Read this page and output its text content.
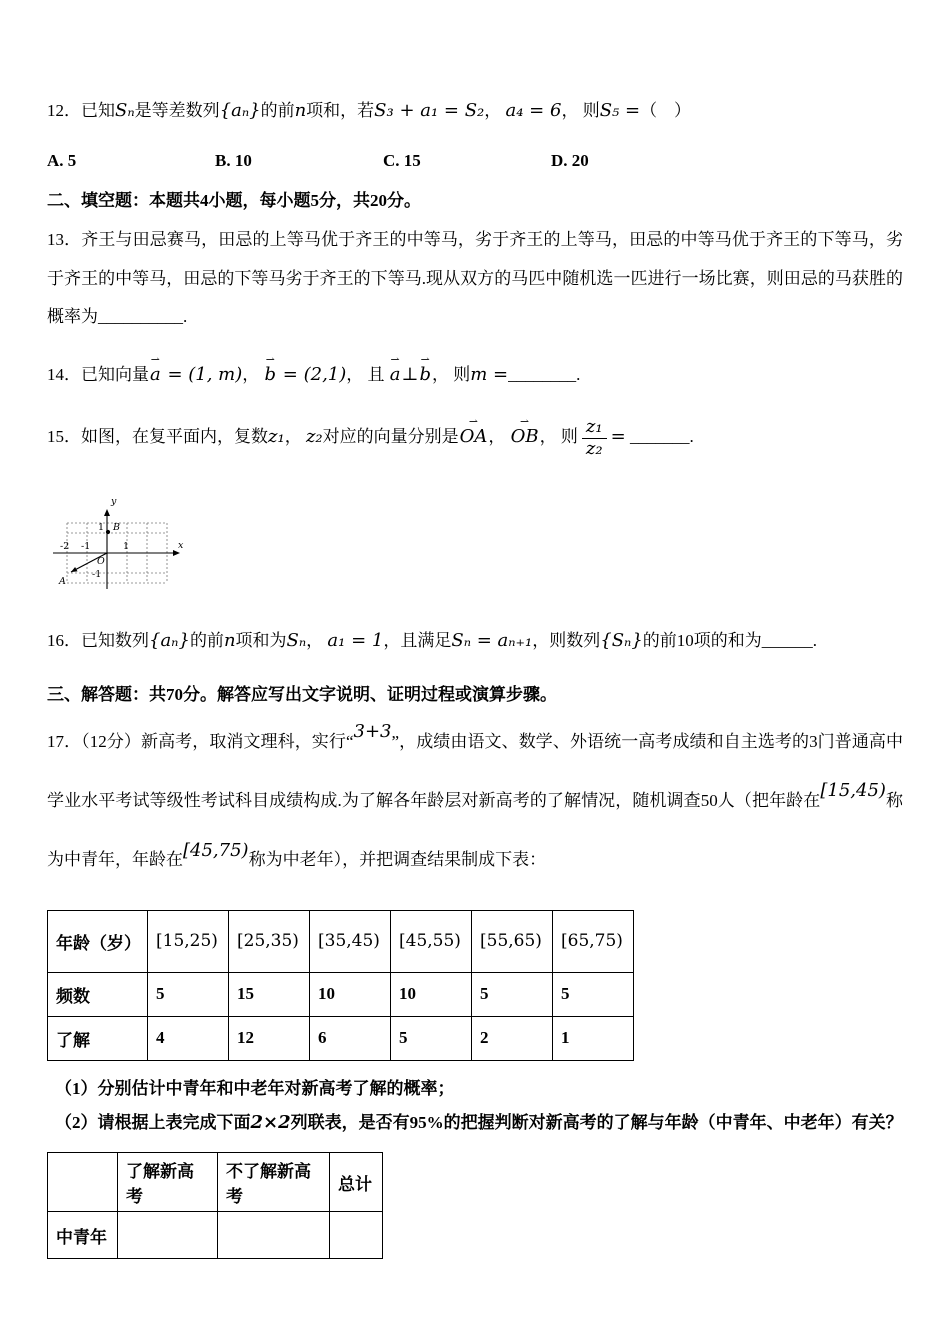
12．已知Sₙ是等差数列{aₙ}的前n项和，若S₃ + a₁ = S₂， a₄ = 6， 则S₅ =（　）

A. 5	B. 10	C. 15	D. 20

二、填空题：本题共4小题，每小题5分，共20分。

13．齐王与田忌赛马，田忌的上等马优于齐王的中等马，劣于齐王的上等马，田忌的中等马优于齐王的下等马，劣于齐王的中等马，田忌的下等马劣于齐王的下等马.现从双方的马匹中随机选一匹进行一场比赛，则田忌的马获胜的概率为__________.

14．已知向量a ⇀ = (1, m)， b ⇀ = (2,1)， 且 a ⇀⊥b ⇀， 则m =________.

15．如图，在复平面内，复数z₁， z₂对应的向量分别是OA ⇀， OB ⇀， 则 $\frac{\text{z₁}}{\text{z₂}}$ = _______.

y
x
O
-2 -1	1
1
-1
A
B

16．已知数列{aₙ}的前n项和为Sₙ， a₁ = 1，且满足Sₙ = aₙ₊₁，则数列{Sₙ}的前10项的和为______.

三、解答题：共70分。解答应写出文字说明、证明过程或演算步骤。

17．（12分）新高考，取消文理科，实行“3+3”，成绩由语文、数学、外语统一高考成绩和自主选考的3门普通高中学业水平考试等级性考试科目成绩构成.为了解各年龄层对新高考的了解情况，随机调查50人（把年龄在[15,45)称为中青年，年龄在[45,75)称为中老年），并把调查结果制成下表：

年龄（岁）	[15,25)	[25,35)	[35,45)	[45,55)	[55,65)	[65,75)
频数	5	15	10	10	5	5
了解	4	12	6	5	2	1

（1）分别估计中青年和中老年对新高考了解的概率；

（2）请根据上表完成下面2×2列联表，是否有95%的把握判断对新高考的了解与年龄（中青年、中老年）有关？

	了解新高考	不了解新高考	总计
中青年			
